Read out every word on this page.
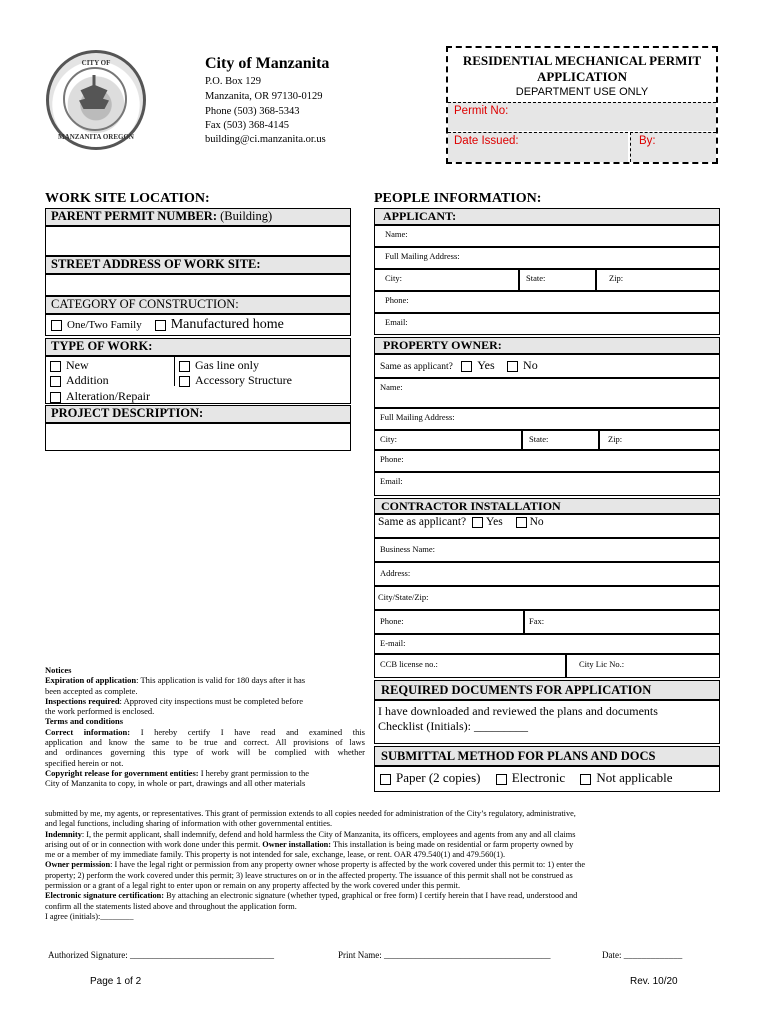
CITY OF
MANZANITA OREGON
City of Manzanita
P.O. Box 129
Manzanita, OR 97130-0129
Phone (503) 368-5343
Fax (503) 368-4145
building@ci.manzanita.or.us
RESIDENTIAL MECHANICAL PERMIT
APPLICATION
DEPARTMENT USE ONLY
Permit No:
Date Issued:	By:
WORK SITE LOCATION:
PARENT PERMIT NUMBER: (Building)
STREET ADDRESS OF WORK SITE:
CATEGORY OF CONSTRUCTION:
One/Two Family Manufactured home
TYPE OF WORK:
New
Addition
Alteration/Repair
Gas line only
Accessory Structure
PROJECT DESCRIPTION:
PEOPLE INFORMATION:
APPLICANT:
Name:
Full Mailing Address:
City:	State:	Zip:
Phone:
Email:
PROPERTY OWNER:
Same as applicant? Yes No
Name:
Full Mailing Address:
City:	State:	Zip:
Phone:
Email:
CONTRACTOR INSTALLATION
Same as applicant? Yes No
Business Name:
Address:
City/State/Zip:
Phone:	Fax:
E-mail:
CCB license no.:	City Lic No.:
REQUIRED DOCUMENTS FOR APPLICATION
I have downloaded and reviewed the plans and documents
Checklist (Initials): _________
SUBMITTAL METHOD FOR PLANS AND DOCS
Paper (2 copies) Electronic Not applicable
Notices
Expiration of application: This application is valid for 180 days after it has
been accepted as complete.
Inspections required: Approved city inspections must be completed before
the work performed is enclosed.
Terms and conditions
Correct information: I hereby certify I have read and examined this
application and know the same to be true and correct. All provisions of laws
and ordinances governing this type of work will be complied with whether
specified herein or not.
Copyright release for government entities: I hereby grant permission to the
City of Manzanita to copy, in whole or part, drawings and all other materials
submitted by me, my agents, or representatives. This grant of permission extends to all copies needed for administration of the City’s regulatory, administrative,
and legal functions, including sharing of information with other governmental entities.
Indemnity: I, the permit applicant, shall indemnify, defend and hold harmless the City of Manzanita, its officers, employees and agents from any and all claims
arising out of or in connection with work done under this permit. Owner installation: This installation is being made on residential or farm property owned by
me or a member of my immediate family. This property is not intended for sale, exchange, lease, or rent. OAR 479.540(1) and 479.560(1).
Owner permission: I have the legal right or permission from any property owner whose property is affected by the work covered under this permit to: 1) enter the
property; 2) perform the work covered under this permit; 3) leave structures on or in the affected property. The issuance of this permit shall not be construed as
permission or a grant of a legal right to enter upon or remain on any property affected by the work covered under this permit.
Electronic signature certification: By attaching an electronic signature (whether typed, graphical or free form) I certify herein that I have read, understood and
confirm all the statements listed above and throughout the application form.
I agree (initials):________
Authorized Signature: ________________________________	Print Name: _____________________________________	Date: _____________
Page 1 of 2	Rev. 10/20
